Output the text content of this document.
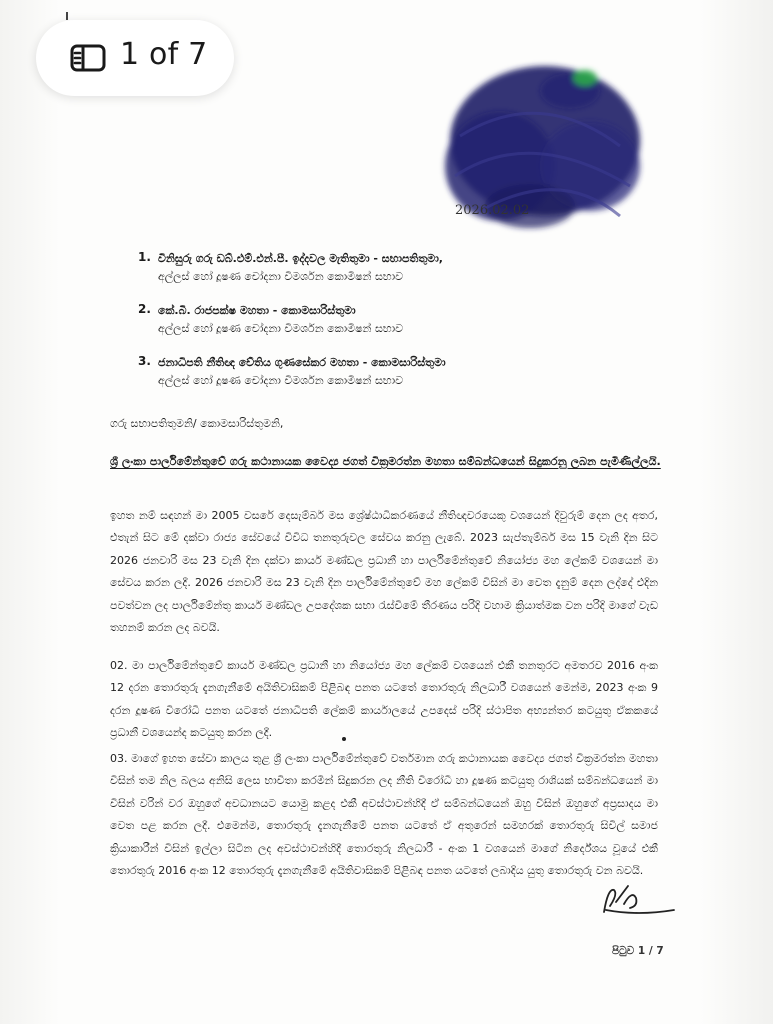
2026.02.02
1. විනිසුරු ගරු ඩබ්.එම්.එන්.පී. ඉද්දවල මැතිතුමා - සභාපතිතුමා,
අල්ලස් හෝ දූෂණ චෝදනා විමර්ශන කොමිෂන් සභාව
2. කේ.බී. රාජපක්ෂ මහතා - කොමසාරිස්තුමා
අල්ලස් හෝ දූෂණ චෝදනා විමර්ශන කොමිෂන් සභාව
3. ජනාධිපති නීතිඥ චේතිය ගුණසේකර මහතා - කොමසාරිස්තුමා
අල්ලස් හෝ දූෂණ චෝදනා විමර්ශන කොමිෂන් සභාව
ගරු සභාපතිතුමනි/ කොමසාරිස්තුමනි,
ශ්‍රී ලංකා පාර්ලිමේන්තුවේ ගරු කථානායක වෛද්‍ය ජගත් වික්‍රමරත්න මහතා සම්බන්ධයෙන් සිදුකරනු ලබන පැමිණිල්ලයි.
ඉහත නම් සඳහන් මා 2005 වසරේ දෙසැම්බර් මස ශ්‍රේෂ්ඨාධිකරණයේ නීතිඥවරයෙකු වශයෙන් දිවුරුම් දෙන ලද අතර, එතැන් සිට මේ දක්වා රාජ්‍ය සේවයේ විවිධ තනතුරුවල සේවය කරනු ලැබේ. 2023 සැප්තැම්බර් මස 15 වැනි දින සිට 2026 ජනවාරි මස 23 වැනි දින දක්වා කාර්ය මණ්ඩල ප්‍රධානී හා පාර්ලිමේන්තුවේ නියෝජ්‍ය මහ ලේකම් වශයෙන් මා සේවය කරන ලදී. 2026 ජනවාරි මස 23 වැනි දින පාර්ලිමේන්තුවේ මහ ලේකම් විසින් මා වෙත දැනුම් දෙන ලද්දේ එදින පවත්වන ලද පාර්ලිමේන්තු කාර්ය මණ්ඩල උපදේශක සභා රැස්වීමේ තීරණය පරිදි වහාම ක්‍රියාත්මක වන පරිදි මාගේ වැඩ තහනම් කරන ලද බවයි.
02. මා පාර්ලිමේන්තුවේ කාර්ය මණ්ඩල ප්‍රධානී හා නියෝජ්‍ය මහ ලේකම් වශයෙන් එකී තනතුරට අමතරව 2016 අංක 12 දරන තොරතුරු දැනගැනීමේ අයිතිවාසිකම් පිළිබඳ පනත යටතේ තොරතුරු නිලධාරී වශයෙන් මෙන්ම, 2023 අංක 9 දරන දූෂණ විරෝධී පනත යටතේ ජනාධිපති ලේකම් කාර්යාලයේ උපදෙස් පරිදි ස්ථාපිත අභ්‍යන්තර කටයුතු ඒකකයේ ප්‍රධානී වශයෙන්ද කටයුතු කරන ලදී.
03. මාගේ ඉහත සේවා කාලය තුළ ශ්‍රී ලංකා පාර්ලිමේන්තුවේ වර්තමාන ගරු කථානායක වෛද්‍ය ජගත් වික්‍රමරත්න මහතා විසින් තම නිල බලය අනිසි ලෙස භාවිතා කරමින් සිදුකරන ලද නීති විරෝධී හා දූෂණ කටයුතු රාශියක් සම්බන්ධයෙන් මා විසින් වරින් වර ඔහුගේ අවධානයට යොමු කළද එකී අවස්ථාවන්හිදී ඒ සම්බන්ධයෙන් ඔහු විසින් ඔහුගේ අප්‍රසාදය මා වෙත පළ කරන ලදී. එමෙන්ම, තොරතුරු දැනගැනීමේ පනත යටතේ ඒ අතුරෙන් සමහරක් තොරතුරු සිවිල් සමාජ ක්‍රියාකාරීන් විසින් ඉල්ලා සිටින ලද අවස්ථාවන්හිදී තොරතුරු නිලධාරී - අංක 1 වශයෙන් මාගේ නිර්දේශය වූයේ එකී තොරතුරු 2016 අංක 12 තොරතුරු දැනගැනීමේ අයිතිවාසිකම් පිළිබඳ පනත යටතේ ලබාදිය යුතු තොරතුරු වන බවයි.
පිටුව 1 / 7
1 of 7
